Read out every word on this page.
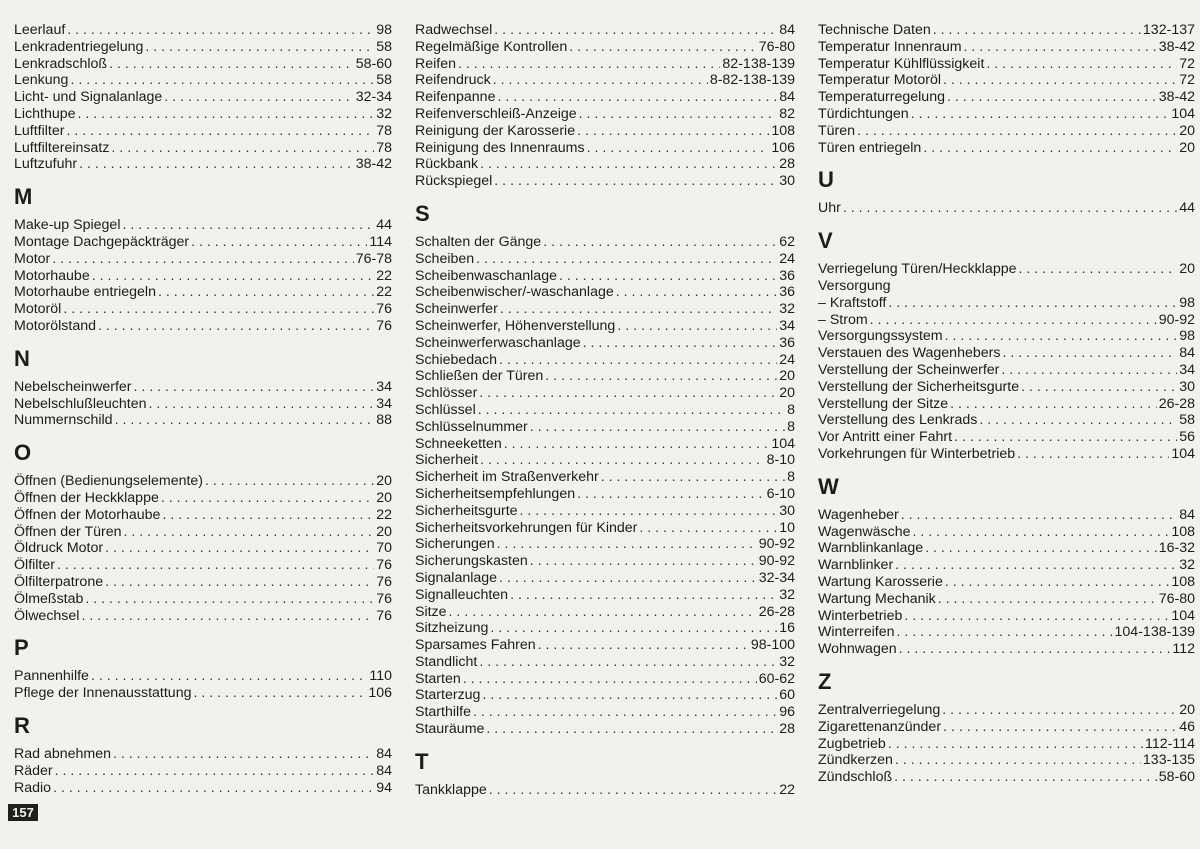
Leerlauf . . .	98
Lenkradentriegelung . . .	58
Lenkradschloß . . .	58-60
Lenkung . . .	58
Licht- und Signalanlage . . .	32-34
Lichthupe . . .	32
Luftfilter . . .	78
Luftfiltereinsatz . . .	78
Luftzufuhr . . .	38-42
M
Make-up Spiegel . . .	44
Montage Dachgepäckträger . . .	114
Motor . . .	76-78
Motorhaube . . .	22
Motorhaube entriegeln . . .	22
Motoröl . . .	76
Motorölstand . . .	76
N
Nebelscheinwerfer . . .	34
Nebelschlußleuchten . . .	34
Nummernschild . . .	88
O
Öffnen (Bedienungselemente) . . .	20
Öffnen der Heckklappe . . .	20
Öffnen der Motorhaube . . .	22
Öffnen der Türen . . .	20
Öldruck Motor . . .	70
Ölfilter . . .	76
Ölfilterpatrone . . .	76
Ölmeßstab . . .	76
Ölwechsel . . .	76
P
Pannenhilfe . . .	110
Pflege der Innenausstattung . . .	106
R
Rad abnehmen . . .	84
Räder . . .	84
Radio . . .	94
Radwechsel . . .	84
Regelmäßige Kontrollen . . .	76-80
Reifen . . .	82-138-139
Reifendruck . . .	8-82-138-139
Reifenpanne . . .	84
Reifenverschleiß-Anzeige . . .	82
Reinigung der Karosserie . . .	108
Reinigung des Innenraums . . .	106
Rückbank . . .	28
Rückspiegel . . .	30
S
Schalten der Gänge . . .	62
Scheiben . . .	24
Scheibenwaschanlage . . .	36
Scheibenwischer/-waschanlage . . .	36
Scheinwerfer . . .	32
Scheinwerfer, Höhenverstellung . . .	34
Scheinwerferwaschanlage . . .	36
Schiebedach . . .	24
Schließen der Türen . . .	20
Schlösser . . .	20
Schlüssel . . .	8
Schlüsselnummer . . .	8
Schneeketten . . .	104
Sicherheit . . .	8-10
Sicherheit im Straßenverkehr . . .	8
Sicherheitsempfehlungen . . .	6-10
Sicherheitsgurte . . .	30
Sicherheitsvorkehrungen für Kinder . . .	10
Sicherungen . . .	90-92
Sicherungskasten . . .	90-92
Signalanlage . . .	32-34
Signalleuchten . . .	32
Sitze . . .	26-28
Sitzheizung . . .	16
Sparsames Fahren . . .	98-100
Standlicht . . .	32
Starten . . .	60-62
Starterzug . . .	60
Starthilfe . . .	96
Stauräume . . .	28
T
Tankklappe . . .	22
Technische Daten . . .	132-137
Temperatur Innenraum . . .	38-42
Temperatur Kühlflüssigkeit . . .	72
Temperatur Motoröl . . .	72
Temperaturregelung . . .	38-42
Türdichtungen . . .	104
Türen . . .	20
Türen entriegeln . . .	20
U
Uhr . . .	44
V
Verriegelung Türen/Heckklappe . . .	20
Versorgung
– Kraftstoff . . .	98
– Strom . . .	90-92
Versorgungssystem . . .	98
Verstauen des Wagenhebers . . .	84
Verstellung der Scheinwerfer . . .	34
Verstellung der Sicherheitsgurte . . .	30
Verstellung der Sitze . . .	26-28
Verstellung des Lenkrads . . .	58
Vor Antritt einer Fahrt . . .	56
Vorkehrungen für Winterbetrieb . . .	104
W
Wagenheber . . .	84
Wagenwäsche . . .	108
Warnblinkanlage . . .	16-32
Warnblinker . . .	32
Wartung Karosserie . . .	108
Wartung Mechanik . . .	76-80
Winterbetrieb . . .	104
Winterreifen . . .	104-138-139
Wohnwagen . . .	112
Z
Zentralverriegelung . . .	20
Zigarettenanzünder . . .	46
Zugbetrieb . . .	112-114
Zündkerzen . . .	133-135
Zündschloß . . .	58-60
157
